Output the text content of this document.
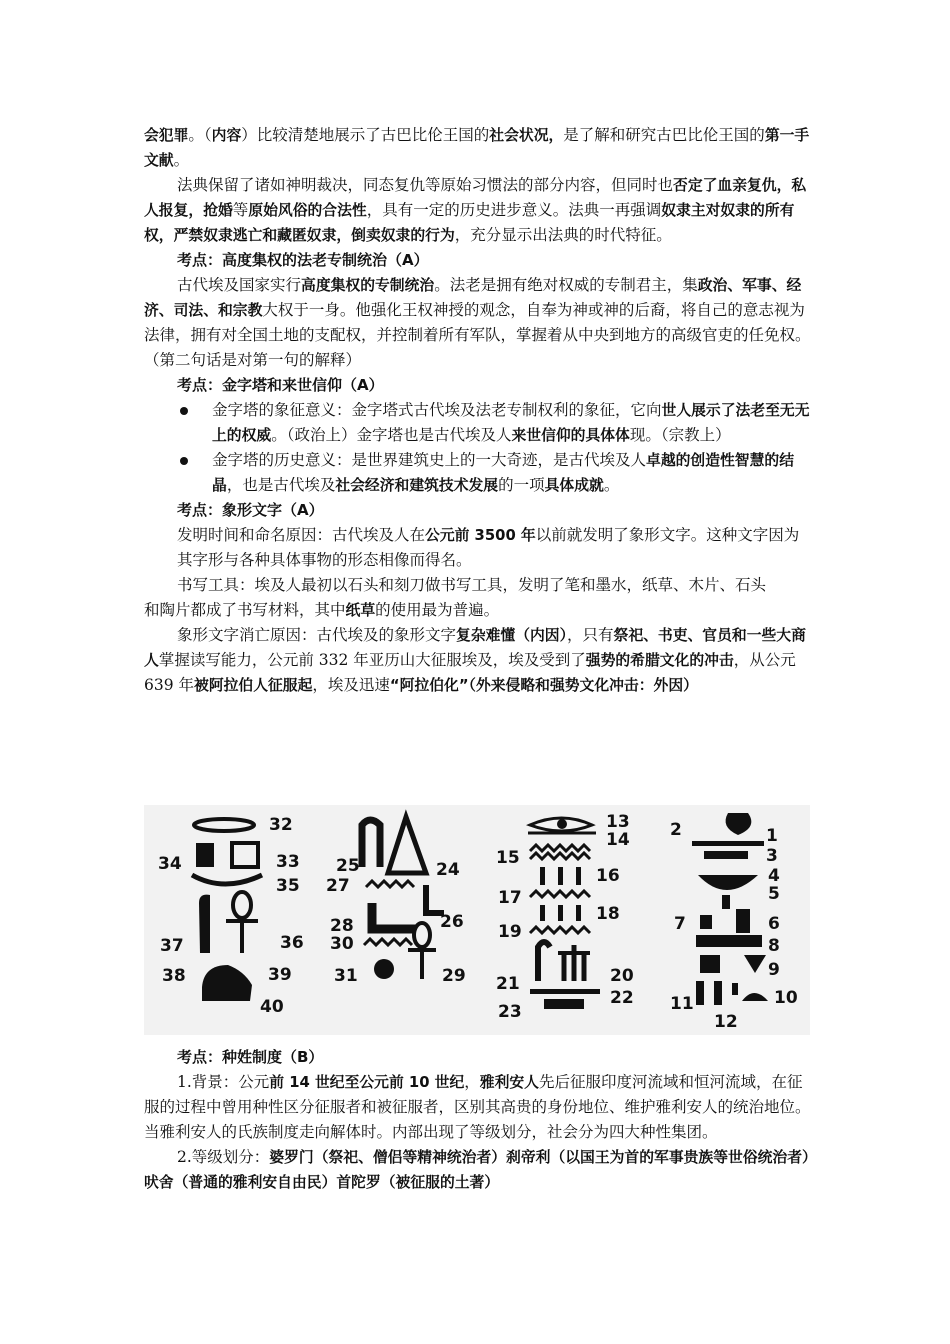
会犯罪。（内容）比较清楚地展示了古巴比伦王国的社会状况，是了解和研究古巴比伦王国的第一手文献。

法典保留了诸如神明裁决，同态复仇等原始习惯法的部分内容，但同时也否定了血亲复仇，私人报复，抢婚等原始风俗的合法性，具有一定的历史进步意义。法典一再强调奴隶主对奴隶的所有权，严禁奴隶逃亡和藏匿奴隶，倒卖奴隶的行为，充分显示出法典的时代特征。

考点：高度集权的法老专制统治（A）

古代埃及国家实行高度集权的专制统治。法老是拥有绝对权威的专制君主，集政治、军事、经济、司法、和宗教大权于一身。他强化王权神授的观念，自奉为神或神的后裔，将自己的意志视为法律，拥有对全国土地的支配权，并控制着所有军队，掌握着从中央到地方的高级官吏的任免权。（第二句话是对第一句的解释）

考点：金字塔和来世信仰（A）

金字塔的象征意义：金字塔式古代埃及法老专制权利的象征，它向世人展示了法老至无无上的权威。（政治上）金字塔也是古代埃及人来世信仰的具体体现。（宗教上）

金字塔的历史意义：是世界建筑史上的一大奇迹，是古代埃及人卓越的创造性智慧的结晶，也是古代埃及社会经济和建筑技术发展的一项具体成就。

考点：象形文字（A）

发明时间和命名原因：古代埃及人在公元前 3500 年以前就发明了象形文字。这种文字因为其字形与各种具体事物的形态相像而得名。

书写工具：埃及人最初以石头和刻刀做书写工具，发明了笔和墨水，纸草、木片、石头

和陶片都成了书写材料，其中纸草的使用最为普遍。

象形文字消亡原因：古代埃及的象形文字复杂难懂（内因），只有祭祀、书吏、官员和一些大商人掌握读写能力，公元前 332 年亚历山大征服埃及，埃及受到了强势的希腊文化的冲击，从公元 639 年被阿拉伯人征服起，埃及迅速“阿拉伯化”（外来侵略和强势文化冲击：外因）

32
34	33
35
37	36
38	39
40
25	24
27
28	26
30
31	29
13
14
15
16
17
18
19
21	20
22
23
2	1
3
4
5
7	6
8
9
11	10
12

考点：种姓制度（B）

1.背景：公元前 14 世纪至公元前 10 世纪，雅利安人先后征服印度河流域和恒河流域，在征服的过程中曾用种性区分征服者和被征服者，区别其高贵的身份地位、维护雅利安人的统治地位。当雅利安人的氏族制度走向解体时。内部出现了等级划分，社会分为四大种性集团。

2.等级划分：婆罗门（祭祀、僧侣等精神统治者）刹帝利（以国王为首的军事贵族等世俗统治者）吠舍（普通的雅利安自由民）首陀罗（被征服的土著）
